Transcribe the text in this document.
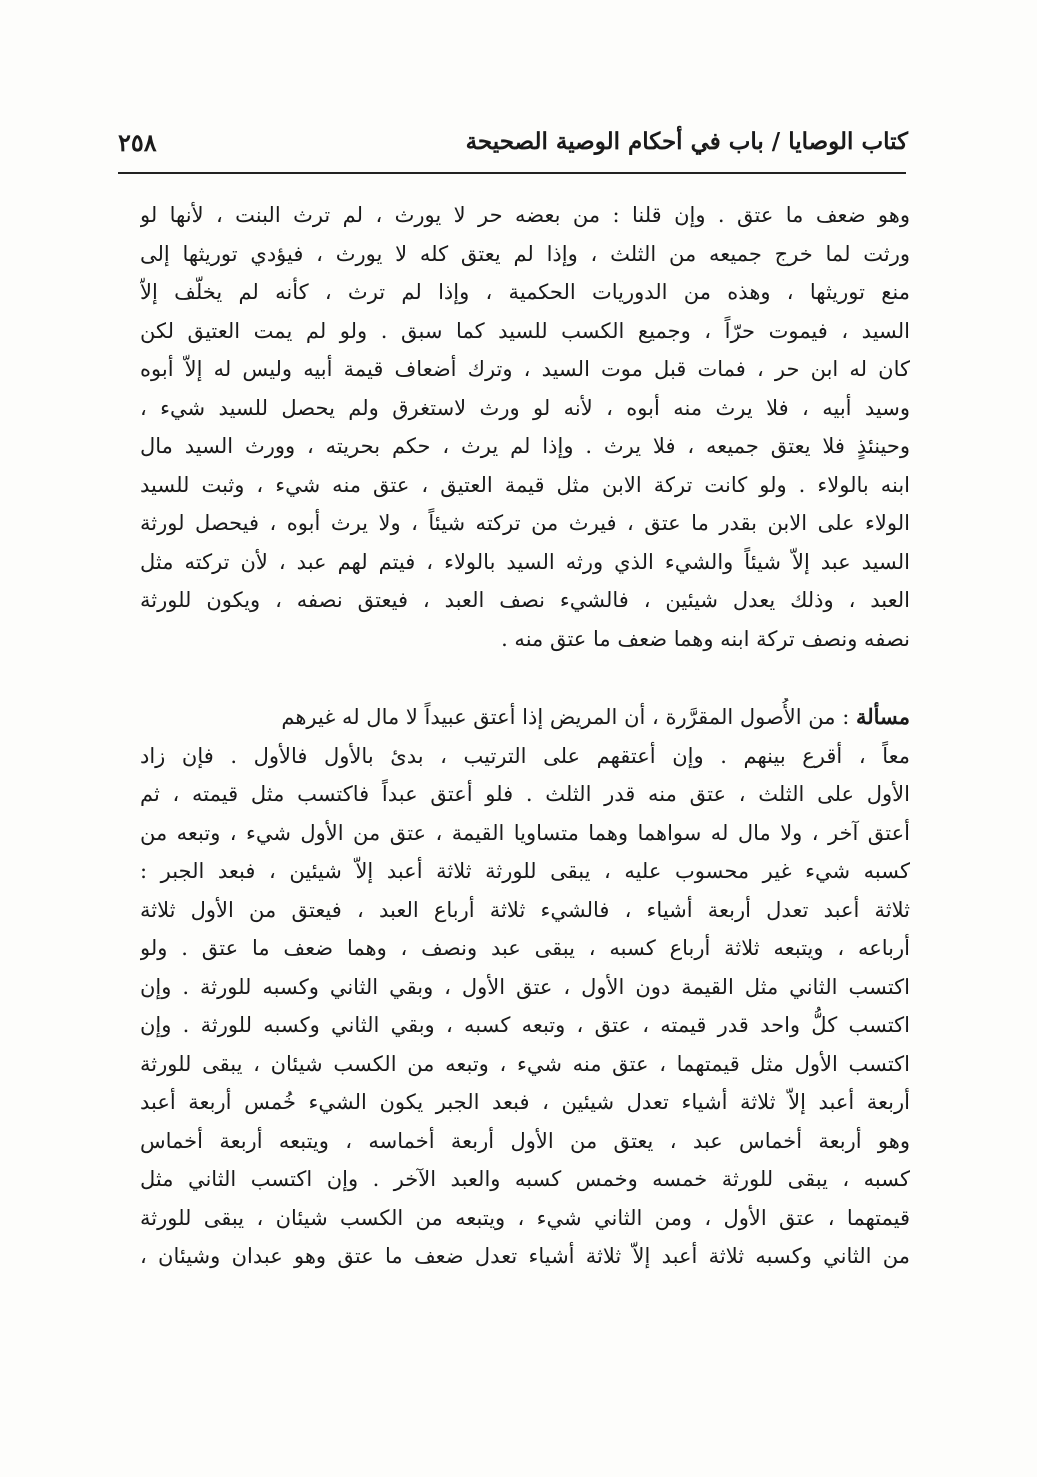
كتاب الوصايا / باب في أحكام الوصية الصحيحة
٢٥٨
وهو ضعف ما عتق . وإن قلنا : من بعضه حر لا يورث ، لم ترث البنت ، لأنها لو
ورثت لما خرج جميعه من الثلث ، وإذا لم يعتق كله لا يورث ، فيؤدي توريثها إلى
منع توريثها ، وهذه من الدوريات الحكمية ، وإذا لم ترث ، كأنه لم يخلّف إلاّ
السيد ، فيموت حرّاً ، وجميع الكسب للسيد كما سبق . ولو لم يمت العتيق لكن
كان له ابن حر ، فمات قبل موت السيد ، وترك أضعاف قيمة أبيه وليس له إلاّ أبوه
وسيد أبيه ، فلا يرث منه أبوه ، لأنه لو ورث لاستغرق ولم يحصل للسيد شيء ،
وحينئذٍ فلا يعتق جميعه ، فلا يرث . وإذا لم يرث ، حكم بحريته ، وورث السيد مال
ابنه بالولاء . ولو كانت تركة الابن مثل قيمة العتيق ، عتق منه شيء ، وثبت للسيد
الولاء على الابن بقدر ما عتق ، فيرث من تركته شيئاً ، ولا يرث أبوه ، فيحصل لورثة
السيد عبد إلاّ شيئاً والشيء الذي ورثه السيد بالولاء ، فيتم لهم عبد ، لأن تركته مثل
العبد ، وذلك يعدل شيئين ، فالشيء نصف العبد ، فيعتق نصفه ، ويكون للورثة
نصفه ونصف تركة ابنه وهما ضعف ما عتق منه .
مسألة : من الأُصول المقرَّرة ، أن المريض إذا أعتق عبيداً لا مال له غيرهم
معاً ، أقرع بينهم . وإن أعتقهم على الترتيب ، بدئ بالأول فالأول . فإن زاد
الأول على الثلث ، عتق منه قدر الثلث . فلو أعتق عبداً فاكتسب مثل قيمته ، ثم
أعتق آخر ، ولا مال له سواهما وهما متساويا القيمة ، عتق من الأول شيء ، وتبعه من
كسبه شيء غير محسوب عليه ، يبقى للورثة ثلاثة أعبد إلاّ شيئين ، فبعد الجبر :
ثلاثة أعبد تعدل أربعة أشياء ، فالشيء ثلاثة أرباع العبد ، فيعتق من الأول ثلاثة
أرباعه ، ويتبعه ثلاثة أرباع كسبه ، يبقى عبد ونصف ، وهما ضعف ما عتق . ولو
اكتسب الثاني مثل القيمة دون الأول ، عتق الأول ، وبقي الثاني وكسبه للورثة . وإن
اكتسب كلُّ واحد قدر قيمته ، عتق ، وتبعه كسبه ، وبقي الثاني وكسبه للورثة . وإن
اكتسب الأول مثل قيمتهما ، عتق منه شيء ، وتبعه من الكسب شيئان ، يبقى للورثة
أربعة أعبد إلاّ ثلاثة أشياء تعدل شيئين ، فبعد الجبر يكون الشيء خُمس أربعة أعبد
وهو أربعة أخماس عبد ، يعتق من الأول أربعة أخماسه ، ويتبعه أربعة أخماس
كسبه ، يبقى للورثة خمسه وخمس كسبه والعبد الآخر . وإن اكتسب الثاني مثل
قيمتهما ، عتق الأول ، ومن الثاني شيء ، ويتبعه من الكسب شيئان ، يبقى للورثة
من الثاني وكسبه ثلاثة أعبد إلاّ ثلاثة أشياء تعدل ضعف ما عتق وهو عبدان وشيئان ،
